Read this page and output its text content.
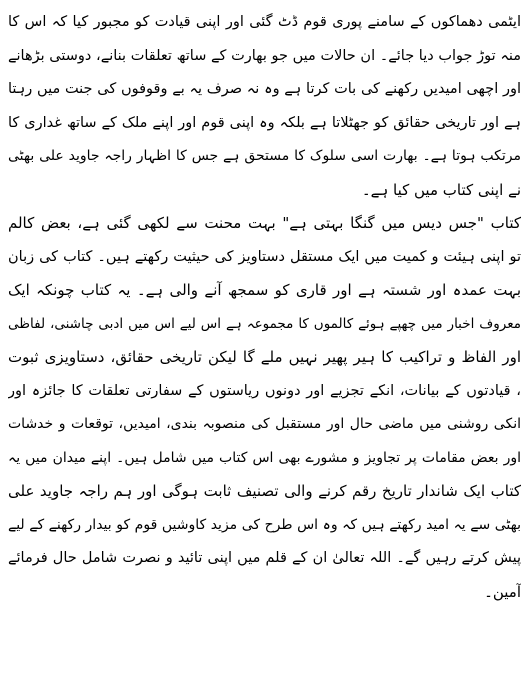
ایٹمی دھماکوں کے سامنے پوری قوم ڈٹ گئی اور اپنی قیادت کو مجبور کیا کہ اس کا
منہ توڑ جواب دیا جائے۔ ان حالات میں جو بھارت کے ساتھ تعلقات بنانے، دوستی بڑھانے
اور اچھی امیدیں رکھنے کی بات کرتا ہے وہ نہ صرف یہ بے وقوفوں کی جنت میں رہتا
ہے اور تاریخی حقائق کو جھٹلاتا ہے بلکہ وہ اپنی قوم اور اپنے ملک کے ساتھ غداری کا
مرتکب ہوتا ہے۔ بھارت اسی سلوک کا مستحق ہے جس کا اظہار راجہ جاوید علی بھٹی
نے اپنی کتاب میں کیا ہے۔
کتاب "جس دیس میں گنگا بہتی ہے" بہت محنت سے لکھی گئی ہے، بعض کالم
تو اپنی ہیئت و کمیت میں ایک مستقل دستاویز کی حیثیت رکھتے ہیں۔ کتاب کی زبان
بہت عمدہ اور شستہ ہے اور قاری کو سمجھ آنے والی ہے۔ یہ کتاب چونکہ ایک
معروف اخبار میں چھپے ہوئے کالموں کا مجموعہ ہے اس لیے اس میں ادبی چاشنی، لفاظی
اور الفاظ و تراکیب کا ہیر پھیر نہیں ملے گا لیکن تاریخی حقائق، دستاویزی ثبوت
، قیادتوں کے بیانات، انکے تجزیے اور دونوں ریاستوں کے سفارتی تعلقات کا جائزہ اور
انکی روشنی میں ماضی حال اور مستقبل کی منصوبہ بندی، امیدیں، توقعات و خدشات
اور بعض مقامات پر تجاویز و مشورے بھی اس کتاب میں شامل ہیں۔ اپنے میدان میں یہ
کتاب ایک شاندار تاریخ رقم کرنے والی تصنیف ثابت ہوگی اور ہم راجہ جاوید علی
بھٹی سے یہ امید رکھتے ہیں کہ وہ اس طرح کی مزید کاوشیں قوم کو بیدار رکھنے کے لیے
پیش کرتے رہیں گے۔ اللہ تعالیٰ ان کے قلم میں اپنی تائید و نصرت شامل حال فرمائے
آمین۔
